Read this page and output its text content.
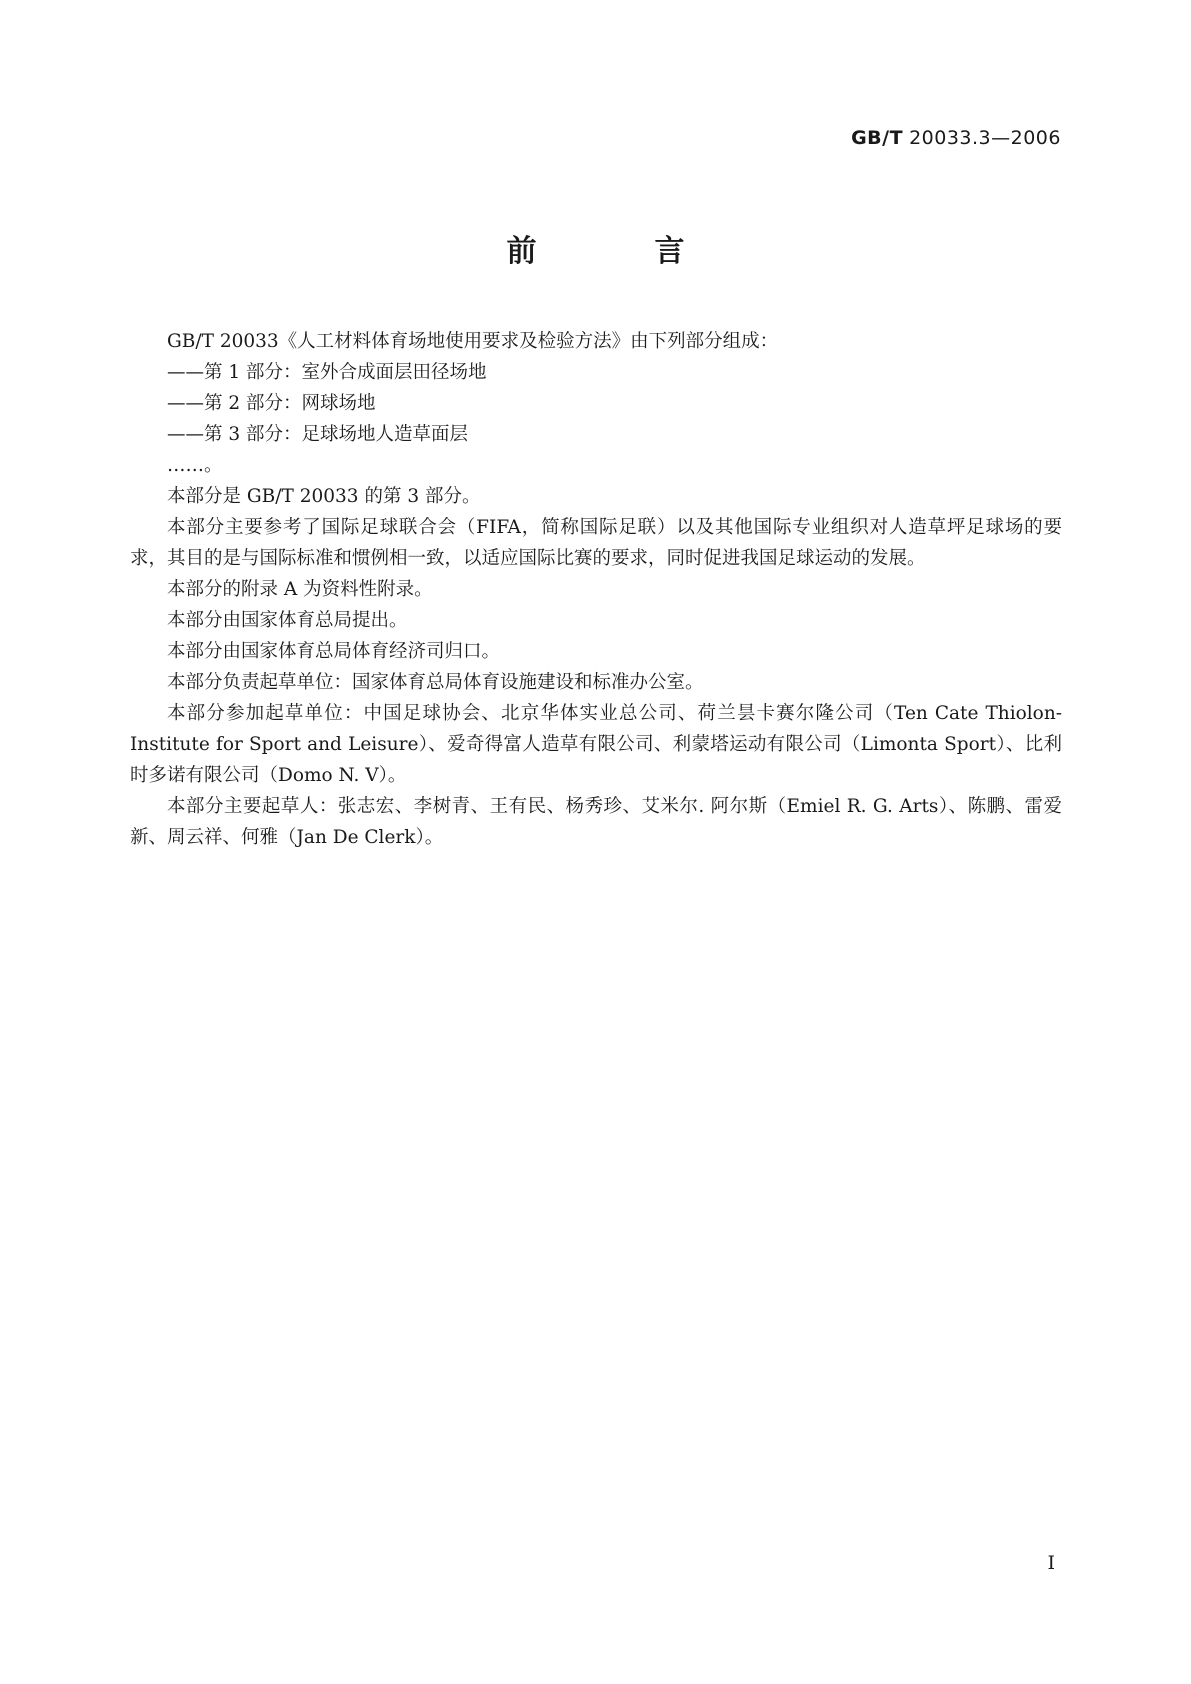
GB/T 20033.3—2006
前　言

GB/T 20033《人工材料体育场地使用要求及检验方法》由下列部分组成：

——第 1 部分：室外合成面层田径场地

——第 2 部分：网球场地

——第 3 部分：足球场地人造草面层

……。

本部分是 GB/T 20033 的第 3 部分。

本部分主要参考了国际足球联合会（FIFA，简称国际足联）以及其他国际专业组织对人造草坪足球场的要求，其目的是与国际标准和惯例相一致，以适应国际比赛的要求，同时促进我国足球运动的发展。

本部分的附录 A 为资料性附录。

本部分由国家体育总局提出。

本部分由国家体育总局体育经济司归口。

本部分负责起草单位：国家体育总局体育设施建设和标准办公室。

本部分参加起草单位：中国足球协会、北京华体实业总公司、荷兰昙卡赛尔隆公司（Ten Cate Thiolon-Institute for Sport and Leisure）、爱奇得富人造草有限公司、利蒙塔运动有限公司（Limonta Sport）、比利时多诺有限公司（Domo N. V）。

本部分主要起草人：张志宏、李树青、王有民、杨秀珍、艾米尔. 阿尔斯（Emiel R. G. Arts）、陈鹏、雷爱新、周云祥、何雅（Jan De Clerk）。

I
